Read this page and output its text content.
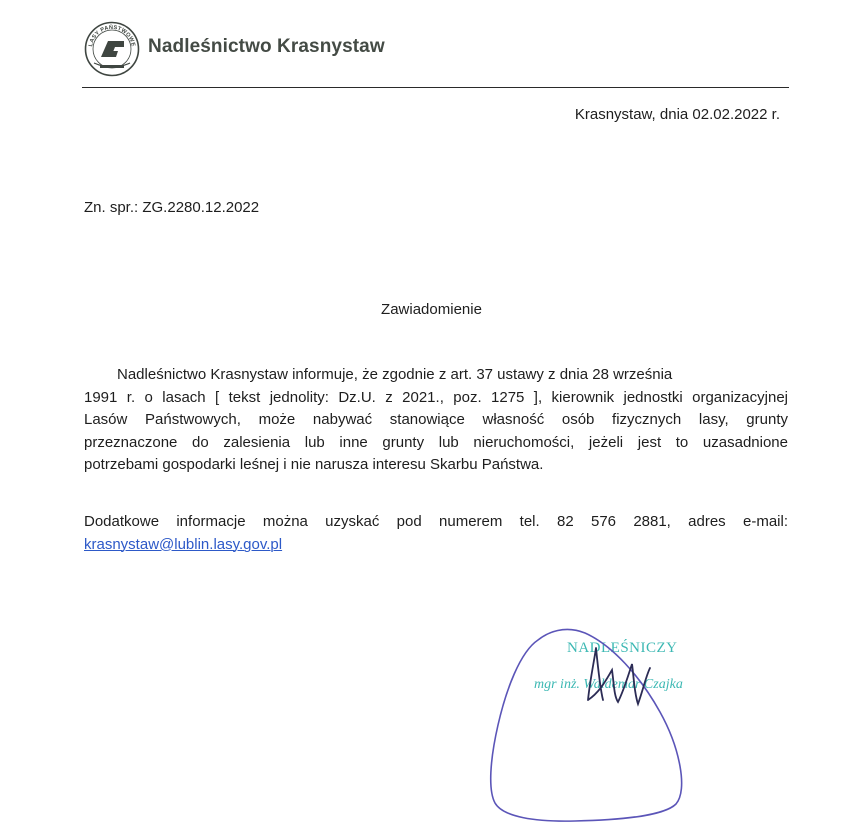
LASY PAŃSTWOWE Nadleśnictwo Krasnystaw
Krasnystaw, dnia 02.02.2022 r.
Zn. spr.: ZG.2280.12.2022
Zawiadomienie
Nadleśnictwo Krasnystaw informuje, że zgodnie z art. 37 ustawy z dnia 28 września
1991 r. o lasach [ tekst jednolity: Dz.U. z 2021., poz. 1275 ], kierownik jednostki organizacyjnej
Lasów Państwowych, może nabywać stanowiące własność osób fizycznych lasy, grunty
przeznaczone do zalesienia lub inne grunty lub nieruchomości, jeżeli jest to uzasadnione
potrzebami gospodarki leśnej i nie narusza interesu Skarbu Państwa.
Dodatkowe informacje można uzyskać pod numerem tel. 82 576 2881, adres e-mail:
krasnystaw@lublin.lasy.gov.pl
NADLEŚNICZY
mgr inż. Waldemar Czajka
